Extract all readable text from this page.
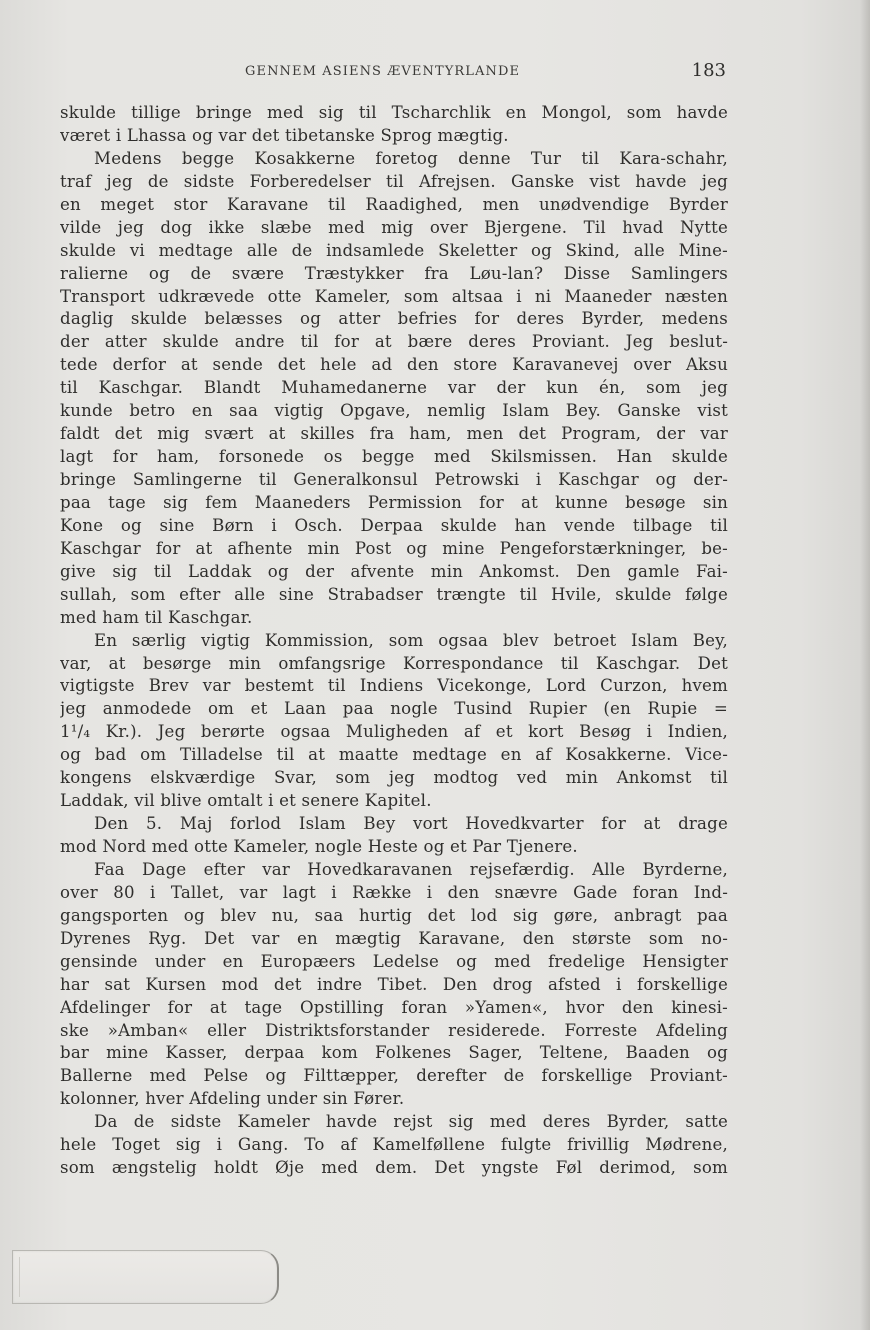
GENNEM ASIENS ÆVENTYRLANDE	183
skulde tillige bringe med sig til Tscharchlik en Mongol, som havde
været i Lhassa og var det tibetanske Sprog mægtig.
Medens begge Kosakkerne foretog denne Tur til Kara-schahr,
traf jeg de sidste Forberedelser til Afrejsen. Ganske vist havde jeg
en meget stor Karavane til Raadighed, men unødvendige Byrder
vilde jeg dog ikke slæbe med mig over Bjergene. Til hvad Nytte
skulde vi medtage alle de indsamlede Skeletter og Skind, alle Mine-
ralierne og de svære Træstykker fra Løu-lan? Disse Samlingers
Transport udkrævede otte Kameler, som altsaa i ni Maaneder næsten
daglig skulde belæsses og atter befries for deres Byrder, medens
der atter skulde andre til for at bære deres Proviant. Jeg beslut-
tede derfor at sende det hele ad den store Karavanevej over Aksu
til Kaschgar. Blandt Muhamedanerne var der kun én, som jeg
kunde betro en saa vigtig Opgave, nemlig Islam Bey. Ganske vist
faldt det mig svært at skilles fra ham, men det Program, der var
lagt for ham, forsonede os begge med Skilsmissen. Han skulde
bringe Samlingerne til Generalkonsul Petrowski i Kaschgar og der-
paa tage sig fem Maaneders Permission for at kunne besøge sin
Kone og sine Børn i Osch. Derpaa skulde han vende tilbage til
Kaschgar for at afhente min Post og mine Pengeforstærkninger, be-
give sig til Laddak og der afvente min Ankomst. Den gamle Fai-
sullah, som efter alle sine Strabadser trængte til Hvile, skulde følge
med ham til Kaschgar.
En særlig vigtig Kommission, som ogsaa blev betroet Islam Bey,
var, at besørge min omfangsrige Korrespondance til Kaschgar. Det
vigtigste Brev var bestemt til Indiens Vicekonge, Lord Curzon, hvem
jeg anmodede om et Laan paa nogle Tusind Rupier (en Rupie =
1¹/₄ Kr.). Jeg berørte ogsaa Muligheden af et kort Besøg i Indien,
og bad om Tilladelse til at maatte medtage en af Kosakkerne. Vice-
kongens elskværdige Svar, som jeg modtog ved min Ankomst til
Laddak, vil blive omtalt i et senere Kapitel.
Den 5. Maj forlod Islam Bey vort Hovedkvarter for at drage
mod Nord med otte Kameler, nogle Heste og et Par Tjenere.
Faa Dage efter var Hovedkaravanen rejsefærdig. Alle Byrderne,
over 80 i Tallet, var lagt i Række i den snævre Gade foran Ind-
gangsporten og blev nu, saa hurtig det lod sig gøre, anbragt paa
Dyrenes Ryg. Det var en mægtig Karavane, den største som no-
gensinde under en Europæers Ledelse og med fredelige Hensigter
har sat Kursen mod det indre Tibet. Den drog afsted i forskellige
Afdelinger for at tage Opstilling foran »Yamen«, hvor den kinesi-
ske »Amban« eller Distriktsforstander residerede. Forreste Afdeling
bar mine Kasser, derpaa kom Folkenes Sager, Teltene, Baaden og
Ballerne med Pelse og Filttæpper, derefter de forskellige Proviant-
kolonner, hver Afdeling under sin Fører.
Da de sidste Kameler havde rejst sig med deres Byrder, satte
hele Toget sig i Gang. To af Kamelføllene fulgte frivillig Mødrene,
som ængstelig holdt Øje med dem. Det yngste Føl derimod, som
